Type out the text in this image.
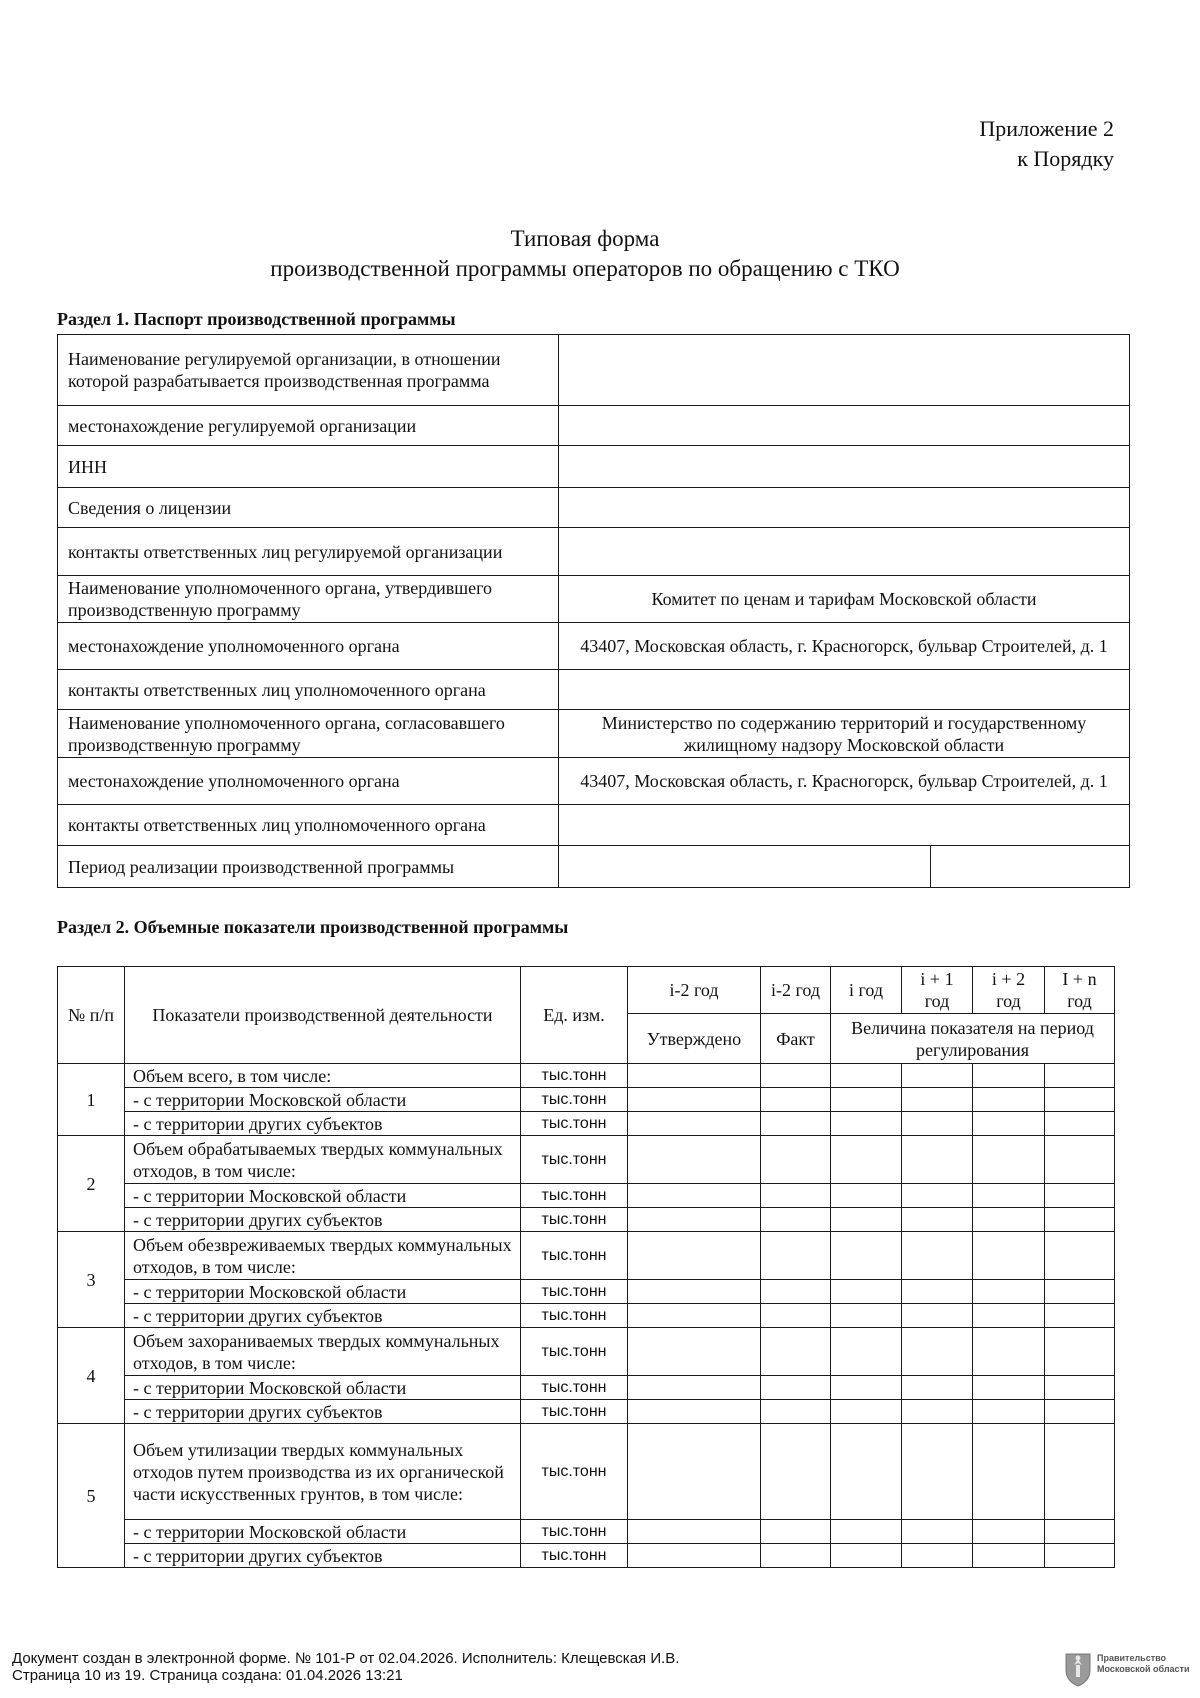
Приложение 2
к Порядку
Типовая форма
производственной программы операторов по обращению с ТКО
Раздел 1. Паспорт производственной программы
Наименование регулируемой организации, в отношении которой разрабатывается производственная программа		
местонахождение регулируемой организации		
ИНН		
Сведения о лицензии		
контакты ответственных лиц регулируемой организации		
Наименование уполномоченного органа, утвердившего производственную программу	Комитет по ценам и тарифам Московской области	
местонахождение уполномоченного органа	43407, Московская область, г. Красногорск, бульвар Строителей, д. 1	
контакты ответственных лиц уполномоченного органа		
Наименование уполномоченного органа, согласовавшего производственную программу	Министерство по содержанию территорий и государственному жилищному надзору Московской области	
местонахождение уполномоченного органа	43407, Московская область, г. Красногорск, бульвар Строителей, д. 1	
контакты ответственных лиц уполномоченного органа		
Период реализации производственной программы		
Раздел 2. Объемные показатели производственной программы
№ п/п	Показатели производственной деятельности	Ед. изм.	i-2 год	i-2 год	i год	i + 1 год	i + 2 год	I + n год
			Утверждено	Факт	Величина показателя на период регулирования			
1	Объем всего, в том числе:	тыс.тонн						
	- с территории Московской области	тыс.тонн						
	- с территории других субъектов	тыс.тонн						
2	Объем обрабатываемых твердых коммунальных отходов, в том числе:	тыс.тонн						
	- с территории Московской области	тыс.тонн						
	- с территории других субъектов	тыс.тонн						
3	Объем обезвреживаемых твердых коммунальных отходов, в том числе:	тыс.тонн						
	- с территории Московской области	тыс.тонн						
	- с территории других субъектов	тыс.тонн						
4	Объем захораниваемых твердых коммунальных отходов, в том числе:	тыс.тонн						
	- с территории Московской области	тыс.тонн						
	- с территории других субъектов	тыс.тонн						
5	Объем утилизации твердых коммунальных отходов путем производства из их органической части искусственных грунтов, в том числе:	тыс.тонн						
	- с территории Московской области	тыс.тонн						
	- с территории других субъектов	тыс.тонн						
Документ создан в электронной форме. № 101-Р от 02.04.2026. Исполнитель: Клещевская И.В.
Страница 10 из 19. Страница создана: 01.04.2026 13:21
Правительство
Московской области
